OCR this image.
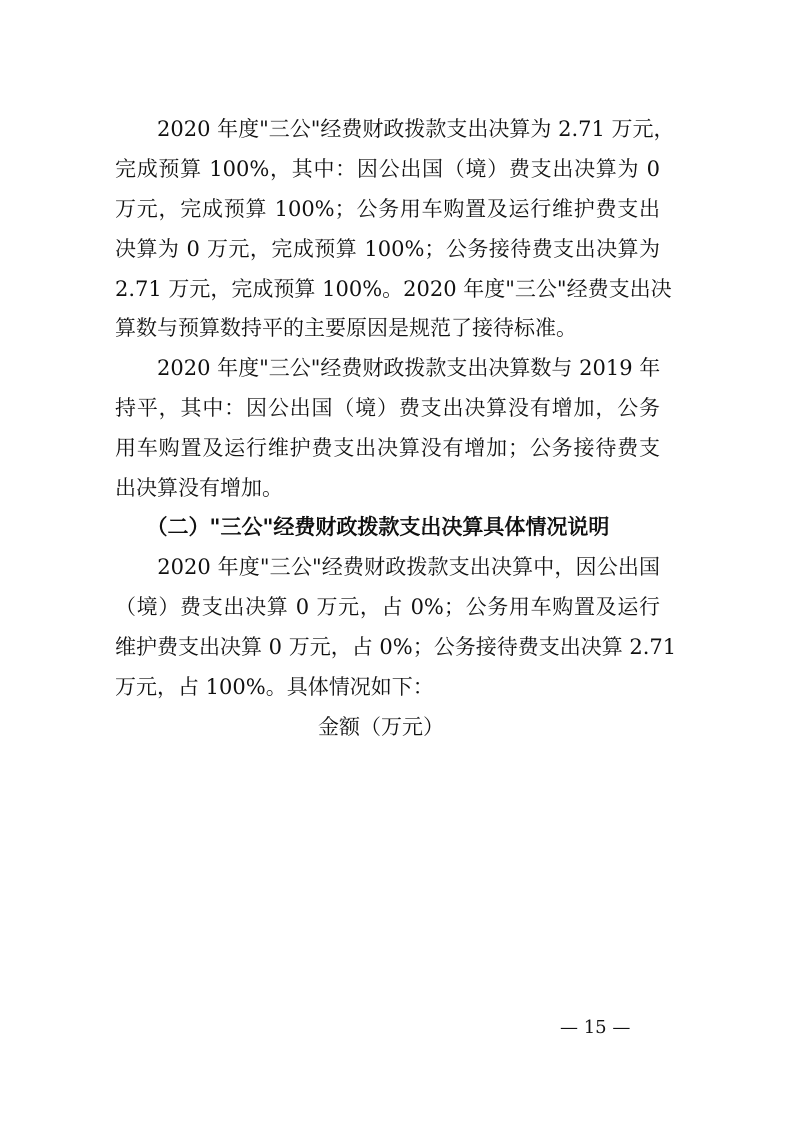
　　2020 年度"三公"经费财政拨款支出决算为 2.71 万元，
完成预算 100%，其中：因公出国（境）费支出决算为 0
万元，完成预算 100%；公务用车购置及运行维护费支出
决算为 0 万元，完成预算 100%；公务接待费支出决算为
2.71 万元，完成预算 100%。2020 年度"三公"经费支出决
算数与预算数持平的主要原因是规范了接待标准。
　　2020 年度"三公"经费财政拨款支出决算数与 2019 年
持平，其中：因公出国（境）费支出决算没有增加，公务
用车购置及运行维护费支出决算没有增加；公务接待费支
出决算没有增加。
　　（二）"三公"经费财政拨款支出决算具体情况说明
　　2020 年度"三公"经费财政拨款支出决算中，因公出国
（境）费支出决算 0 万元，占 0%；公务用车购置及运行
维护费支出决算 0 万元，占 0%；公务接待费支出决算 2.71
万元，占 100%。具体情况如下：
金额（万元）
— 15 —
